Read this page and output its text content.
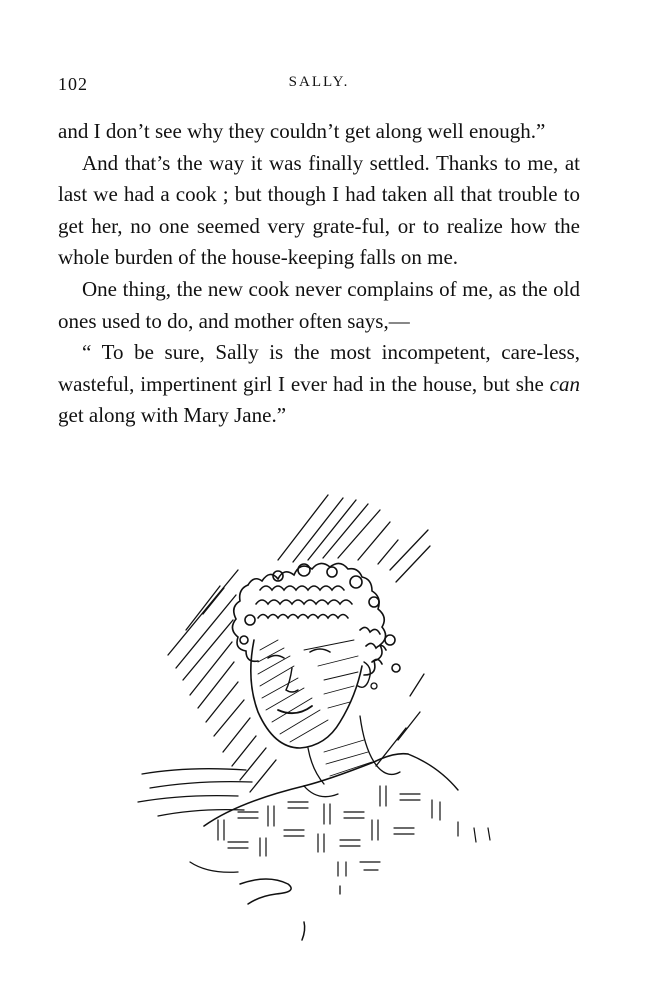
102	SALLY.

and I don’t see why they couldn’t get along well enough.”

And that’s the way it was finally settled. Thanks to me, at last we had a cook ; but though I had taken all that trouble to get her, no one seemed very grate-ful, or to realize how the whole burden of the house-keeping falls on me.

One thing, the new cook never complains of me, as the old ones used to do, and mother often says,—

“ To be sure, Sally is the most incompetent, care-less, wasteful, impertinent girl I ever had in the house, but she can get along with Mary Jane.”
